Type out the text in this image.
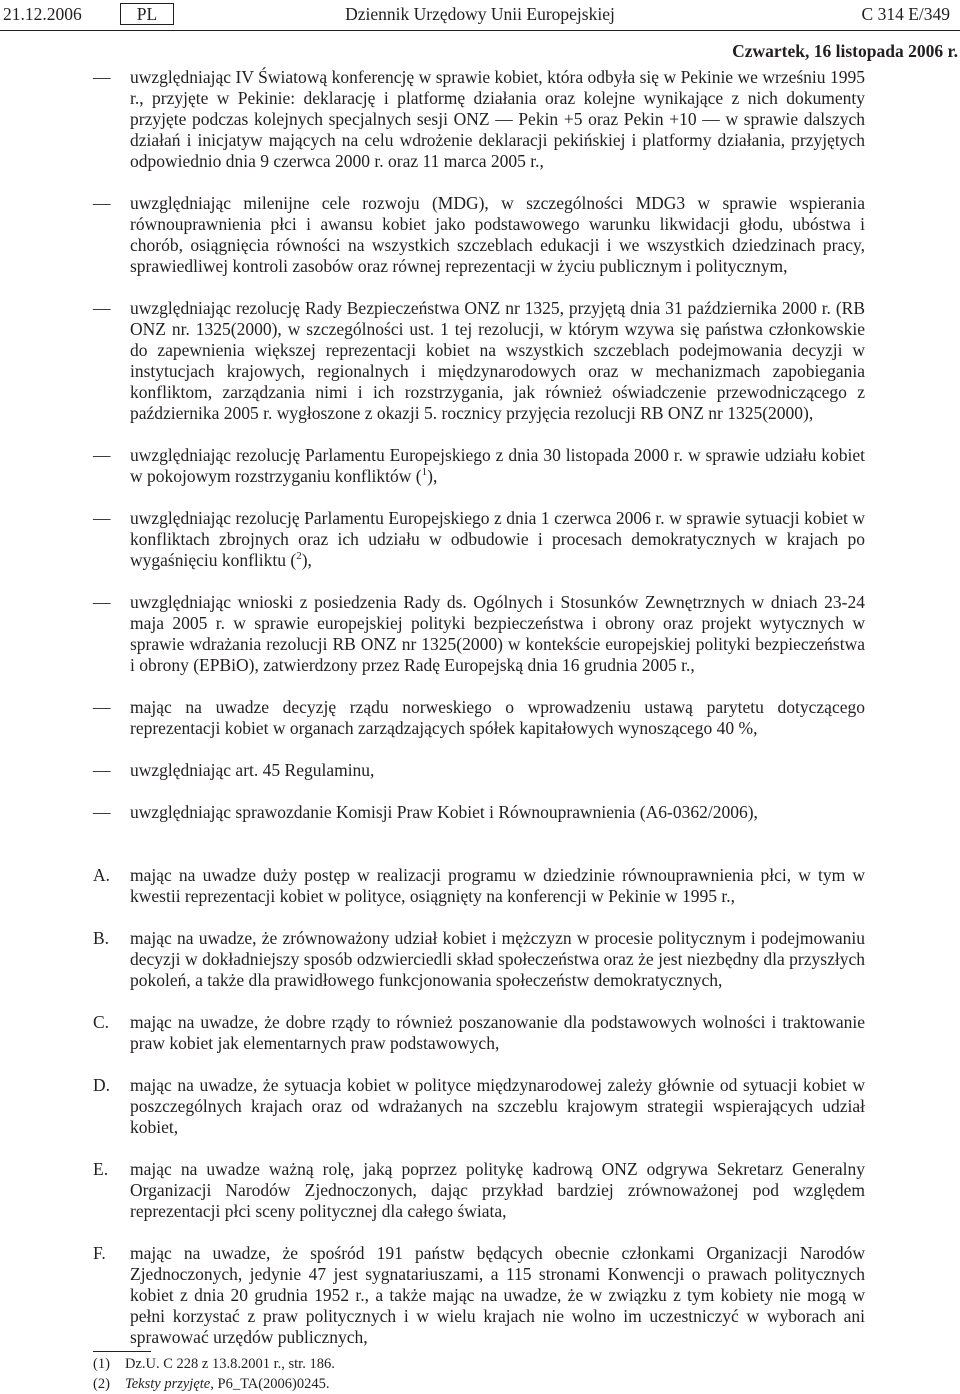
21.12.2006	PL	Dziennik Urzędowy Unii Europejskiej	C 314 E/349
Czwartek, 16 listopada 2006 r.
—	uwzględniając IV Światową konferencję w sprawie kobiet, która odbyła się w Pekinie we wrześniu 1995 r., przyjęte w Pekinie: deklarację i platformę działania oraz kolejne wynikające z nich dokumenty przyjęte podczas kolejnych specjalnych sesji ONZ — Pekin +5 oraz Pekin +10 — w sprawie dalszych działań i inicjatyw mających na celu wdrożenie deklaracji pekińskiej i platformy działania, przyjętych odpowiednio dnia 9 czerwca 2000 r. oraz 11 marca 2005 r.,
—	uwzględniając milenijne cele rozwoju (MDG), w szczególności MDG3 w sprawie wspierania równouprawnienia płci i awansu kobiet jako podstawowego warunku likwidacji głodu, ubóstwa i chorób, osiągnięcia równości na wszystkich szczeblach edukacji i we wszystkich dziedzinach pracy, sprawiedliwej kontroli zasobów oraz równej reprezentacji w życiu publicznym i politycznym,
—	uwzględniając rezolucję Rady Bezpieczeństwa ONZ nr 1325, przyjętą dnia 31 października 2000 r. (RB ONZ nr. 1325(2000), w szczególności ust. 1 tej rezolucji, w którym wzywa się państwa członkowskie do zapewnienia większej reprezentacji kobiet na wszystkich szczeblach podejmowania decyzji w instytucjach krajowych, regionalnych i międzynarodowych oraz w mechanizmach zapobiegania konfliktom, zarządzania nimi i ich rozstrzygania, jak również oświadczenie przewodniczącego z października 2005 r. wygłoszone z okazji 5. rocznicy przyjęcia rezolucji RB ONZ nr 1325(2000),
—	uwzględniając rezolucję Parlamentu Europejskiego z dnia 30 listopada 2000 r. w sprawie udziału kobiet w pokojowym rozstrzyganiu konfliktów ($^1$),
—	uwzględniając rezolucję Parlamentu Europejskiego z dnia 1 czerwca 2006 r. w sprawie sytuacji kobiet w konfliktach zbrojnych oraz ich udziału w odbudowie i procesach demokratycznych w krajach po wygaśnięciu konfliktu ($^2$),
—	uwzględniając wnioski z posiedzenia Rady ds. Ogólnych i Stosunków Zewnętrznych w dniach 23-24 maja 2005 r. w sprawie europejskiej polityki bezpieczeństwa i obrony oraz projekt wytycznych w sprawie wdrażania rezolucji RB ONZ nr 1325(2000) w kontekście europejskiej polityki bezpieczeństwa i obrony (EPBiO), zatwierdzony przez Radę Europejską dnia 16 grudnia 2005 r.,
—	mając na uwadze decyzję rządu norweskiego o wprowadzeniu ustawą parytetu dotyczącego reprezentacji kobiet w organach zarządzających spółek kapitałowych wynoszącego 40 %,
—	uwzględniając art. 45 Regulaminu,
—	uwzględniając sprawozdanie Komisji Praw Kobiet i Równouprawnienia (A6-0362/2006),
A.	mając na uwadze duży postęp w realizacji programu w dziedzinie równouprawnienia płci, w tym w kwestii reprezentacji kobiet w polityce, osiągnięty na konferencji w Pekinie w 1995 r.,
B.	mając na uwadze, że zrównoważony udział kobiet i mężczyzn w procesie politycznym i podejmowaniu decyzji w dokładniejszy sposób odzwierciedli skład społeczeństwa oraz że jest niezbędny dla przyszłych pokoleń, a także dla prawidłowego funkcjonowania społeczeństw demokratycznych,
C.	mając na uwadze, że dobre rządy to również poszanowanie dla podstawowych wolności i traktowanie praw kobiet jak elementarnych praw podstawowych,
D.	mając na uwadze, że sytuacja kobiet w polityce międzynarodowej zależy głównie od sytuacji kobiet w poszczególnych krajach oraz od wdrażanych na szczeblu krajowym strategii wspierających udział kobiet,
E.	mając na uwadze ważną rolę, jaką poprzez politykę kadrową ONZ odgrywa Sekretarz Generalny Organizacji Narodów Zjednoczonych, dając przykład bardziej zrównoważonej pod względem reprezentacji płci sceny politycznej dla całego świata,
F.	mając na uwadze, że spośród 191 państw będących obecnie członkami Organizacji Narodów Zjednoczonych, jedynie 47 jest sygnatariuszami, a 115 stronami Konwencji o prawach politycznych kobiet z dnia 20 grudnia 1952 r., a także mając na uwadze, że w związku z tym kobiety nie mogą w pełni korzystać z praw politycznych i w wielu krajach nie wolno im uczestniczyć w wyborach ani sprawować urzędów publicznych,
(1)	Dz.U. C 228 z 13.8.2001 r., str. 186.
(2)	Teksty przyjęte, P6_TA(2006)0245.
